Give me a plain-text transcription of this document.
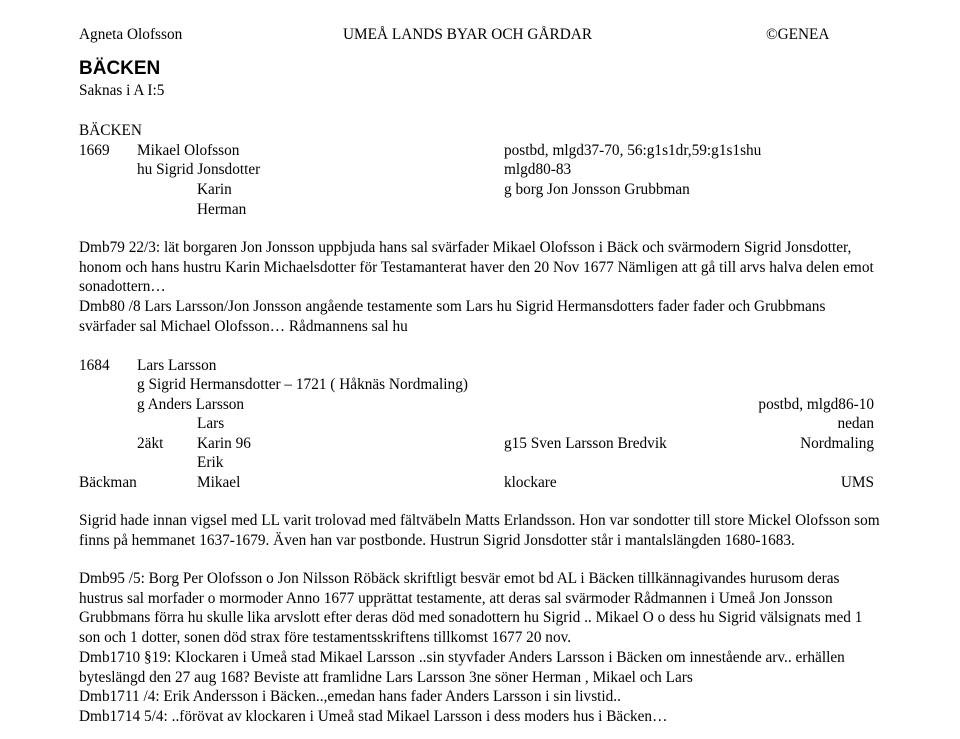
Agneta Olofsson	UMEÅ LANDS BYAR OCH GÅRDAR	©GENEA
BÄCKEN
Saknas i A I:5
BÄCKEN
1669 Mikael Olofsson	postbd, mlgd37-70, 56:g1s1dr,59:g1s1shu
hu Sigrid Jonsdotter	mlgd80-83
Karin	g borg Jon Jonsson Grubbman
Herman
Dmb79 22/3: lät borgaren Jon Jonsson uppbjuda hans sal svärfader Mikael Olofsson i Bäck och svärmodern Sigrid Jonsdotter, honom och hans hustru Karin Michaelsdotter för Testamanterat haver den 20 Nov 1677 Nämligen att gå till arvs halva delen emot sonadottern…
Dmb80 /8 Lars Larsson/Jon Jonsson angående testamente som Lars hu Sigrid Hermansdotters fader fader och Grubbmans svärfader sal Michael Olofsson… Rådmannens sal hu
1684 Lars Larsson
g Sigrid Hermansdotter – 1721 ( Håknäs Nordmaling)
g Anders Larsson	postbd, mlgd86-10
Lars	nedan
2äkt Karin 96	g15 Sven Larsson Bredvik	Nordmaling
Erik
Bäckman	Mikael	klockare	UMS
Sigrid hade innan vigsel med LL varit trolovad med fältväbeln Matts Erlandsson. Hon var sondotter till store Mickel Olofsson som finns på hemmanet 1637-1679. Även han var postbonde. Hustrun Sigrid Jonsdotter står i mantalslängden 1680-1683.
Dmb95 /5: Borg Per Olofsson o Jon Nilsson Röbäck skriftligt besvär emot bd AL i Bäcken tillkännagivandes hurusom deras hustrus sal morfader o mormoder Anno 1677 upprättat testamente, att deras sal svärmoder Rådmannen i Umeå Jon Jonsson Grubbmans förra hu skulle lika arvslott efter deras död med sonadottern hu Sigrid .. Mikael O o dess hu Sigrid välsignats med 1 son och 1 dotter, sonen död strax före testamentsskriftens tillkomst 1677 20 nov.
Dmb1710 §19: Klockaren i Umeå stad Mikael Larsson ..sin styvfader Anders Larsson i Bäcken om innestående arv.. erhällen byteslängd den 27 aug 168? Beviste att framlidne Lars Larsson 3ne söner Herman , Mikael och Lars
Dmb1711 /4: Erik Andersson i Bäcken..,emedan hans fader Anders Larsson i sin livstid..
Dmb1714 5/4: ..förövat av klockaren i Umeå stad Mikael Larsson i dess moders hus i Bäcken…
